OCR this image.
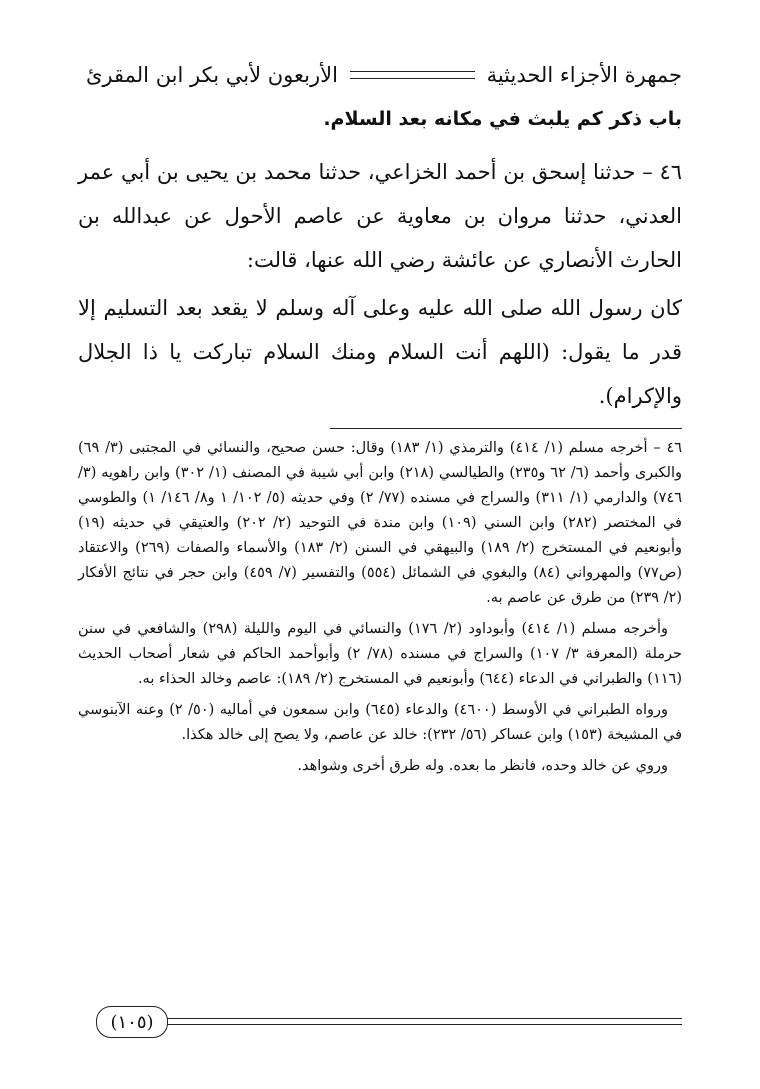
جمهرة الأجزاء الحديثية
الأربعون لأبي بكر ابن المقرئ
باب ذكر كم يلبث في مكانه بعد السلام.
٤٦ – حدثنا إسحق بن أحمد الخزاعي، حدثنا محمد بن يحيى بن أبي عمر العدني، حدثنا مروان بن معاوية عن عاصم الأحول عن عبدالله بن الحارث الأنصاري عن عائشة رضي الله عنها، قالت:
كان رسول الله صلى الله عليه وعلى آله وسلم لا يقعد بعد التسليم إلا قدر ما يقول: (اللهم أنت السلام ومنك السلام تباركت يا ذا الجلال والإكرام).

٤٦ – أخرجه مسلم (١/ ٤١٤) والترمذي (١/ ١٨٣) وقال: حسن صحيح، والنسائي في المجتبى (٣/ ٦٩) والكبرى وأحمد (٦/ ٦٢ و٢٣٥) والطيالسي (٢١٨) وابن أبي شيبة في المصنف (١/ ٣٠٢) وابن راهويه (٣/ ٧٤٦) والدارمي (١/ ٣١١) والسراج في مسنده (٧٧/ ٢) وفي حديثه (٥/ ١٠٢/ ١ و٨/ ١٤٦/ ١) والطوسي في المختصر (٢٨٢) وابن السني (١٠٩) وابن مندة في التوحيد (٢/ ٢٠٢) والعتيقي في حديثه (١٩) وأبونعيم في المستخرج (٢/ ١٨٩) والبيهقي في السنن (٢/ ١٨٣) والأسماء والصفات (٢٦٩) والاعتقاد (ص٧٧) والمهرواني (٨٤) والبغوي في الشمائل (٥٥٤) والتفسير (٧/ ٤٥٩) وابن حجر في نتائج الأفكار (٢/ ٢٣٩) من طرق عن عاصم به.

وأخرجه مسلم (١/ ٤١٤) وأبوداود (٢/ ١٧٦) والنسائي في اليوم والليلة (٢٩٨) والشافعي في سنن حرملة (المعرفة ٣/ ١٠٧) والسراج في مسنده (٧٨/ ٢) وأبوأحمد الحاكم في شعار أصحاب الحديث (١١٦) والطبراني في الدعاء (٦٤٤) وأبونعيم في المستخرج (٢/ ١٨٩): عاصم وخالد الحذاء به.

ورواه الطبراني في الأوسط (٤٦٠٠) والدعاء (٦٤٥) وابن سمعون في أماليه (٥٠/ ٢) وعنه الآبنوسي في المشيخة (١٥٣) وابن عساكر (٥٦/ ٢٣٢): خالد عن عاصم، ولا يصح إلى خالد هكذا.

وروي عن خالد وحده، فانظر ما بعده. وله طرق أخرى وشواهد.

(١٠٥)
